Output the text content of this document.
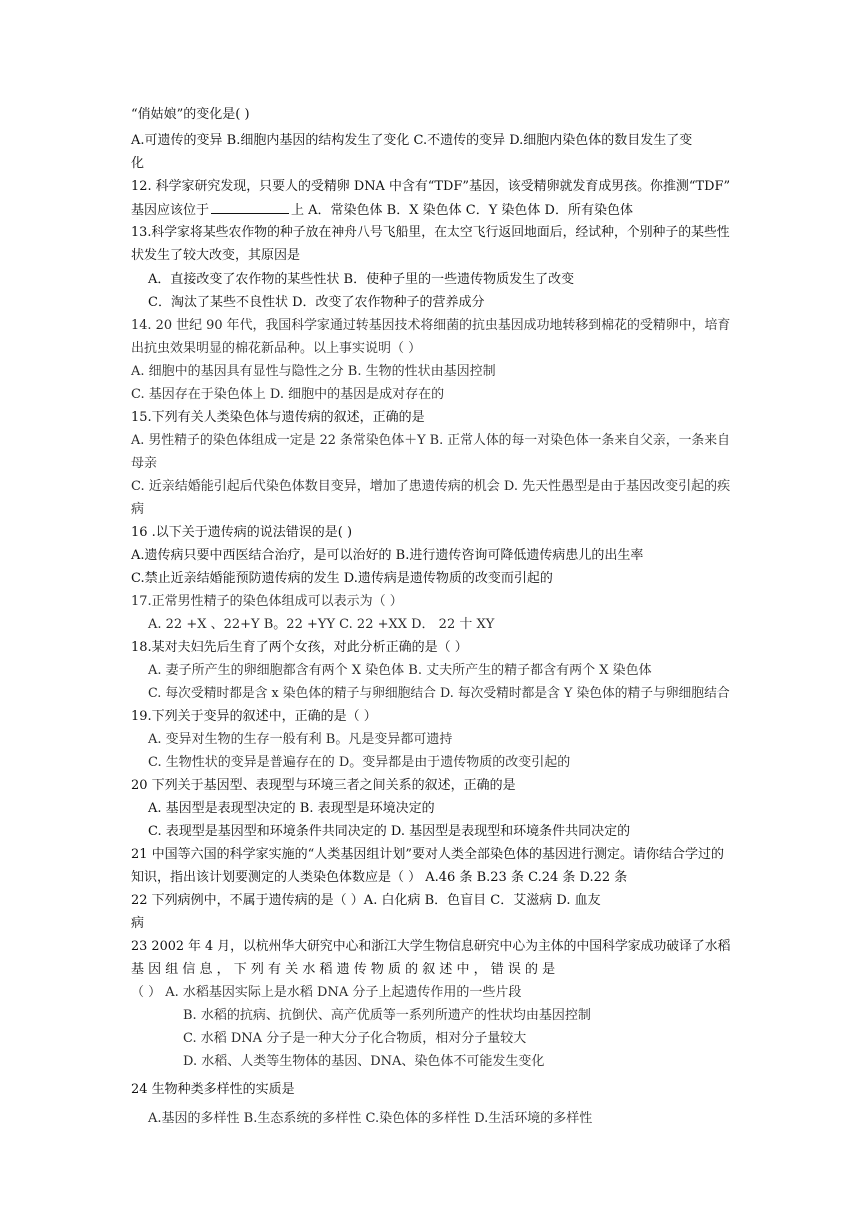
“俏姑娘”的变化是( )
A.可遗传的变异 B.细胞内基因的结构发生了变化 C.不遗传的变异 D.细胞内染色体的数目发生了变
化
12. 科学家研究发现，只要人的受精卵 DNA 中含有“TDF”基因，该受精卵就发育成男孩。你推测“TDF”
基因应该位于	上 A．常染色体 B．X 染色体 C．Y 染色体 D．所有染色体
13.科学家将某些农作物的种子放在神舟八号飞船里，在太空飞行返回地面后，经试种，个别种子的某些性
状发生了较大改变，其原因是
A．直接改变了农作物的某些性状 B．使种子里的一些遗传物质发生了改变
C．淘汰了某些不良性状 D．改变了农作物种子的营养成分
14. 20 世纪 90 年代，我国科学家通过转基因技术将细菌的抗虫基因成功地转移到棉花的受精卵中，培育
出抗虫效果明显的棉花新品种。以上事实说明（ ）
A. 细胞中的基因具有显性与隐性之分 B. 生物的性状由基因控制
C. 基因存在于染色体上 D. 细胞中的基因是成对存在的
15.下列有关人类染色体与遗传病的叙述，正确的是
A. 男性精子的染色体组成一定是 22 条常染色体＋Y B. 正常人体的每一对染色体一条来自父亲，一条来自
母亲
C. 近亲结婚能引起后代染色体数目变异，增加了患遗传病的机会 D. 先天性愚型是由于基因改变引起的疾
病
16 .以下关于遗传病的说法错误的是( )
A.遗传病只要中西医结合治疗，是可以治好的 B.进行遗传咨询可降低遗传病患儿的出生率
C.禁止近亲结婚能预防遗传病的发生 D.遗传病是遗传物质的改变而引起的
17.正常男性精子的染色体组成可以表示为（ ）
A. 22 +X 、22+Y B。22 +YY C. 22 +XX D． 22 十 XY
18.某对夫妇先后生育了两个女孩，对此分析正确的是（ ）
A. 妻子所产生的卵细胞都含有两个 X 染色体 B. 丈夫所产生的精子都含有两个 X 染色体
C. 每次受精时都是含 x 染色体的精子与卵细胞结合 D. 每次受精时都是含 Y 染色体的精子与卵细胞结合
19.下列关于变异的叙述中，正确的是（ ）
A. 变异对生物的生存一般有利 B。凡是变异都可遗持
C. 生物性状的变异是普遍存在的 D。变异都是由于遗传物质的改变引起的
20 下列关于基因型、表现型与环境三者之间关系的叙述，正确的是
A. 基因型是表现型决定的 B. 表现型是环境决定的
C. 表现型是基因型和环境条件共同决定的 D. 基因型是表现型和环境条件共同决定的
21 中国等六国的科学家实施的“人类基因组计划”要对人类全部染色体的基因进行测定。请你结合学过的
知识，指出该计划要测定的人类染色体数应是（ ） A.46 条 B.23 条 C.24 条 D.22 条
22 下列病例中，不属于遗传病的是（ ）A. 白化病 B．色盲目 C．艾滋病 D. 血友
病
23 2002 年 4 月，以杭州华大研究中心和浙江大学生物信息研究中心为主体的中国科学家成功破译了水稻
基 因 组 信 息 ， 下 列 有 关 水 稻 遗 传 物 质 的 叙 述 中 ， 错 误 的 是
（ ） A. 水稻基因实际上是水稻 DNA 分子上起遗传作用的一些片段
B. 水稻的抗病、抗倒伏、高产优质等一系列所遗产的性状均由基因控制
C. 水稻 DNA 分子是一种大分子化合物质，相对分子量较大
D. 水稻、人类等生物体的基因、DNA、染色体不可能发生变化
24 生物种类多样性的实质是
A.基因的多样性 B.生态系统的多样性 C.染色体的多样性 D.生活环境的多样性
